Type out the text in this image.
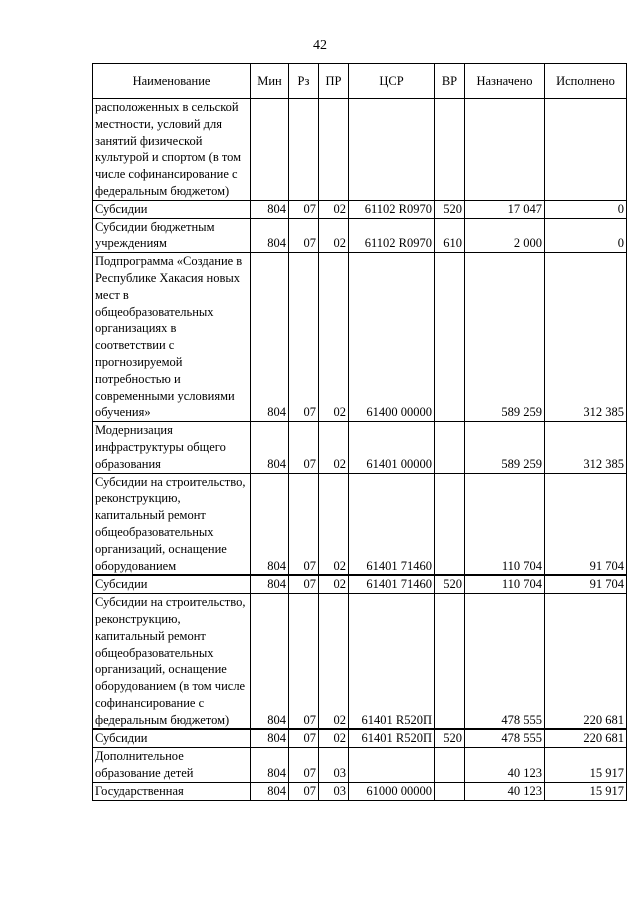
42
Наименование	Мин	Рз	ПР	ЦСР	ВР	Назначено	Исполнено
расположенных в сельской местности, условий для занятий физической культурой и спортом (в том числе софинансирование с федеральным бюджетом)							
Субсидии	804	07	02	61102 R0970	520	17 047	0
Субсидии бюджетным учреждениям	804	07	02	61102 R0970	610	2 000	0
Подпрограмма «Создание в Республике Хакасия новых мест в общеобразовательных организациях в соответствии с прогнозируемой потребностью и современными условиями обучения»	804	07	02	61400 00000		589 259	312 385
Модернизация инфраструктуры общего образования	804	07	02	61401 00000		589 259	312 385
Субсидии на строительство, реконструкцию, капитальный ремонт общеобразовательных организаций, оснащение оборудованием	804	07	02	61401 71460		110 704	91 704
Субсидии	804	07	02	61401 71460	520	110 704	91 704
Субсидии на строительство, реконструкцию, капитальный ремонт общеобразовательных организаций, оснащение оборудованием (в том числе софинансирование с федеральным бюджетом)	804	07	02	61401 R520П		478 555	220 681
Субсидии	804	07	02	61401 R520П	520	478 555	220 681
Дополнительное образование детей	804	07	03			40 123	15 917
Государственная	804	07	03	61000 00000		40 123	15 917
